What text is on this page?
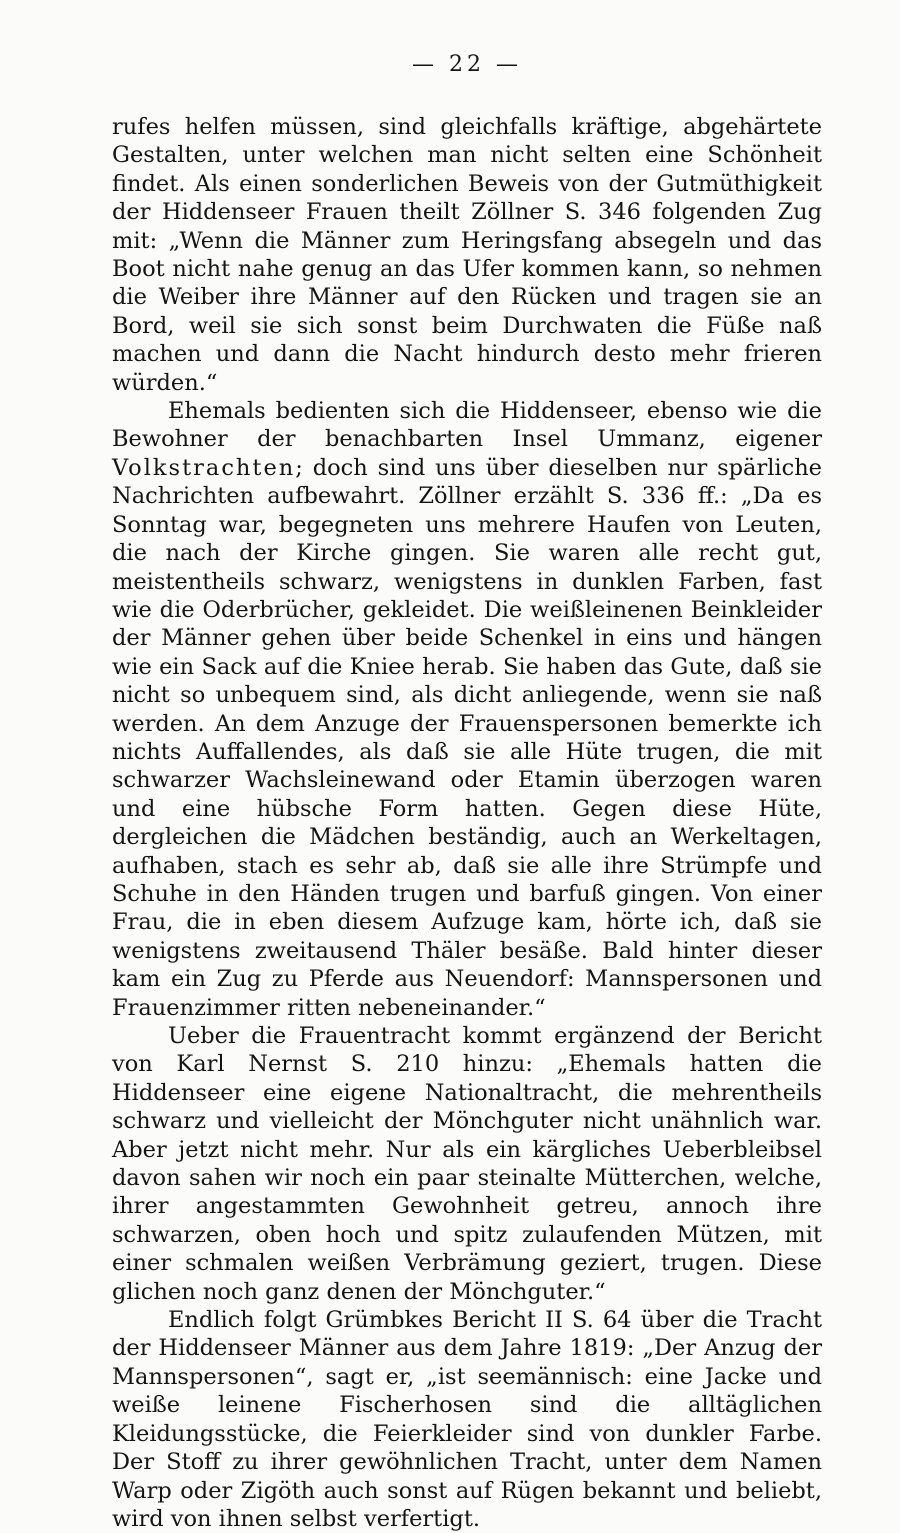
— 22 —

rufes helfen müssen, sind gleichfalls kräftige, abgehärtete Gestalten, unter welchen man nicht selten eine Schönheit findet. Als einen sonderlichen Beweis von der Gutmüthigkeit der Hiddenseer Frauen theilt Zöllner S. 346 folgenden Zug mit: „Wenn die Männer zum Heringsfang absegeln und das Boot nicht nahe genug an das Ufer kommen kann, so nehmen die Weiber ihre Männer auf den Rücken und tragen sie an Bord, weil sie sich sonst beim Durchwaten die Füße naß machen und dann die Nacht hindurch desto mehr frieren würden.“

Ehemals bedienten sich die Hiddenseer, ebenso wie die Bewohner der benachbarten Insel Ummanz, eigener Volkstrachten; doch sind uns über dieselben nur spärliche Nachrichten aufbewahrt. Zöllner erzählt S. 336 ff.: „Da es Sonntag war, begegneten uns mehrere Haufen von Leuten, die nach der Kirche gingen. Sie waren alle recht gut, meistentheils schwarz, wenigstens in dunklen Farben, fast wie die Oderbrücher, gekleidet. Die weißleinenen Beinkleider der Männer gehen über beide Schenkel in eins und hängen wie ein Sack auf die Kniee herab. Sie haben das Gute, daß sie nicht so unbequem sind, als dicht anliegende, wenn sie naß werden. An dem Anzuge der Frauenspersonen bemerkte ich nichts Auffallendes, als daß sie alle Hüte trugen, die mit schwarzer Wachsleinewand oder Etamin überzogen waren und eine hübsche Form hatten. Gegen diese Hüte, dergleichen die Mädchen beständig, auch an Werkeltagen, aufhaben, stach es sehr ab, daß sie alle ihre Strümpfe und Schuhe in den Händen trugen und barfuß gingen. Von einer Frau, die in eben diesem Aufzuge kam, hörte ich, daß sie wenigstens zweitausend Thäler besäße. Bald hinter dieser kam ein Zug zu Pferde aus Neuendorf: Mannspersonen und Frauenzimmer ritten nebeneinander.“

Ueber die Frauentracht kommt ergänzend der Bericht von Karl Nernst S. 210 hinzu: „Ehemals hatten die Hiddenseer eine eigene Nationaltracht, die mehrentheils schwarz und vielleicht der Mönchguter nicht unähnlich war. Aber jetzt nicht mehr. Nur als ein kärgliches Ueberbleibsel davon sahen wir noch ein paar steinalte Mütterchen, welche, ihrer angestammten Gewohnheit getreu, annoch ihre schwarzen, oben hoch und spitz zulaufenden Mützen, mit einer schmalen weißen Verbrämung geziert, trugen. Diese glichen noch ganz denen der Mönchguter.“

Endlich folgt Grümbkes Bericht II S. 64 über die Tracht der Hiddenseer Männer aus dem Jahre 1819: „Der Anzug der Mannspersonen“, sagt er, „ist seemännisch: eine Jacke und weiße leinene Fischerhosen sind die alltäglichen Kleidungsstücke, die Feierkleider sind von dunkler Farbe. Der Stoff zu ihrer gewöhnlichen Tracht, unter dem Namen Warp oder Zigöth auch sonst auf Rügen bekannt und beliebt, wird von ihnen selbst verfertigt.
